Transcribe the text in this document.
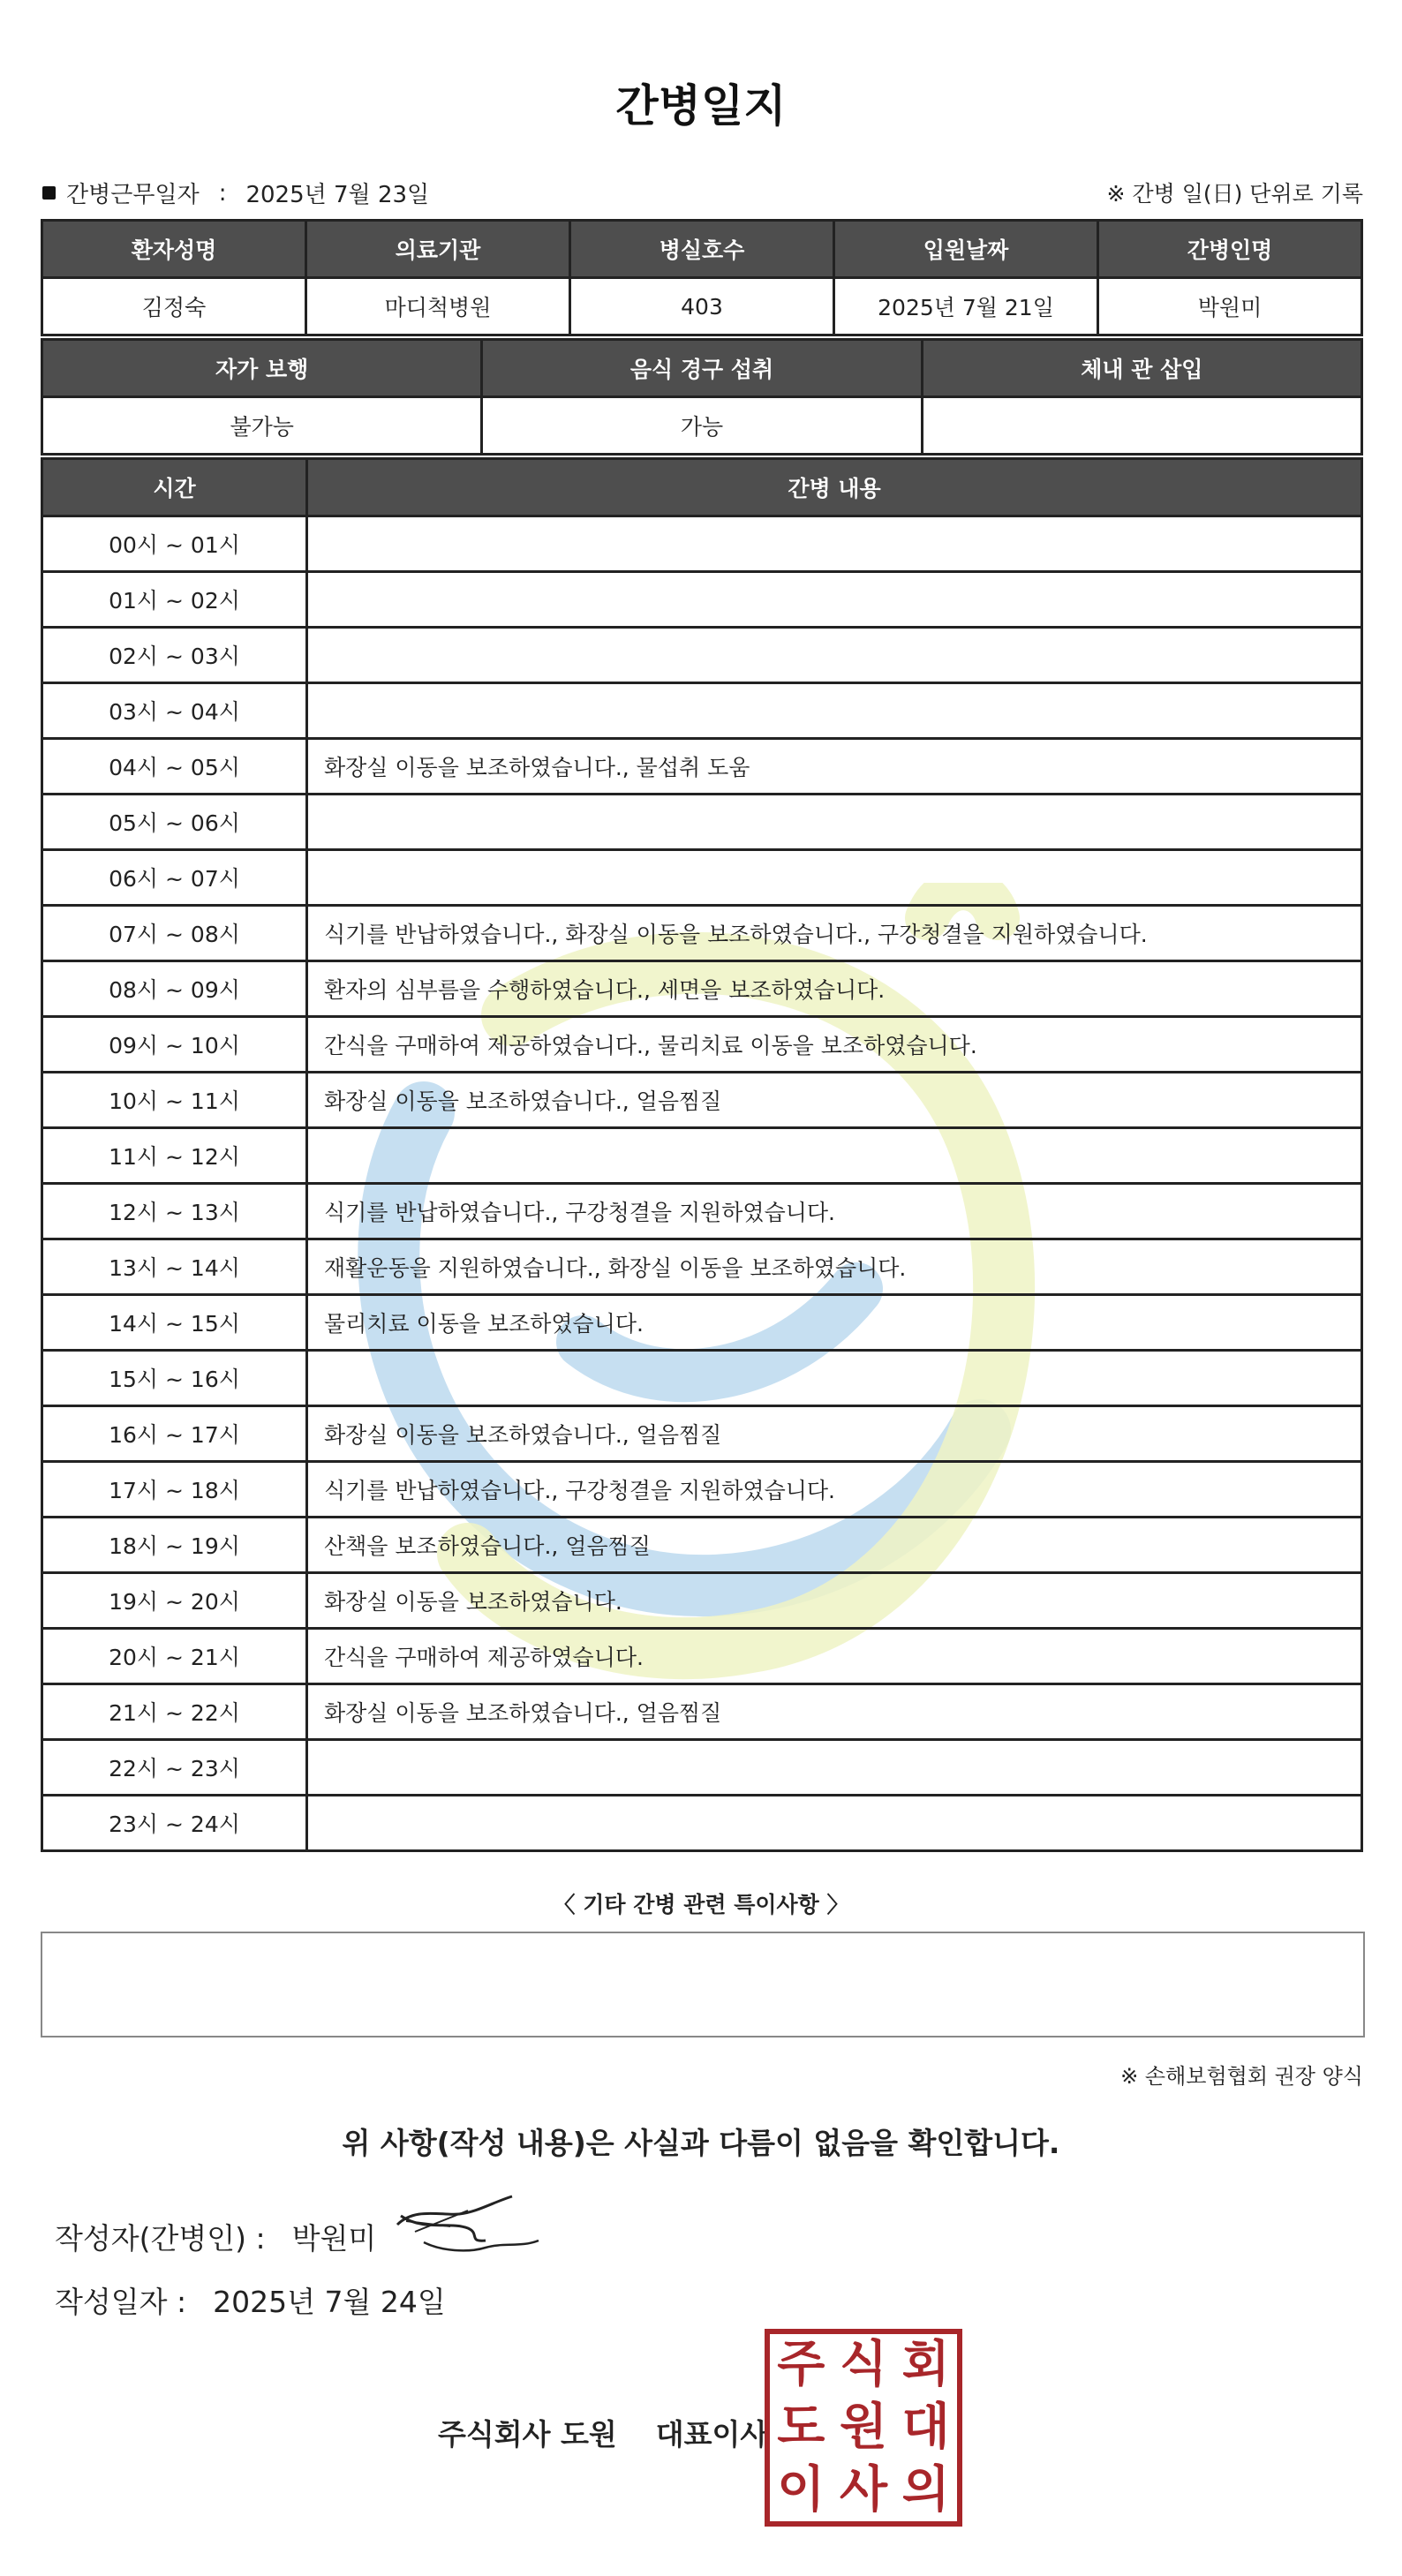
간병일지
간병근무일자 : 2025년 7월 23일	※ 간병 일(日) 단위로 기록
환자성명	의료기관	병실호수	입원날짜	간병인명
김정숙	마디척병원	403	2025년 7월 21일	박원미
자가 보행	음식 경구 섭취	체내 관 삽입
불가능	가능	
시간	간병 내용
00시 ~ 01시	
01시 ~ 02시	
02시 ~ 03시	
03시 ~ 04시	
04시 ~ 05시	화장실 이동을 보조하였습니다., 물섭취 도움
05시 ~ 06시	
06시 ~ 07시	
07시 ~ 08시	식기를 반납하였습니다., 화장실 이동을 보조하였습니다., 구강청결을 지원하였습니다.
08시 ~ 09시	환자의 심부름을 수행하였습니다., 세면을 보조하였습니다.
09시 ~ 10시	간식을 구매하여 제공하였습니다., 물리치료 이동을 보조하였습니다.
10시 ~ 11시	화장실 이동을 보조하였습니다., 얼음찜질
11시 ~ 12시	
12시 ~ 13시	식기를 반납하였습니다., 구강청결을 지원하였습니다.
13시 ~ 14시	재활운동을 지원하였습니다., 화장실 이동을 보조하였습니다.
14시 ~ 15시	물리치료 이동을 보조하였습니다.
15시 ~ 16시	
16시 ~ 17시	화장실 이동을 보조하였습니다., 얼음찜질
17시 ~ 18시	식기를 반납하였습니다., 구강청결을 지원하였습니다.
18시 ~ 19시	산책을 보조하였습니다., 얼음찜질
19시 ~ 20시	화장실 이동을 보조하였습니다.
20시 ~ 21시	간식을 구매하여 제공하였습니다.
21시 ~ 22시	화장실 이동을 보조하였습니다., 얼음찜질
22시 ~ 23시	
23시 ~ 24시	
〈 기타 간병 관련 특이사항 〉
※ 손해보험협회 권장 양식
위 사항(작성 내용)은 사실과 다름이 없음을 확인합니다.
작성자(간병인) : 박원미
작성일자 : 2025년 7월 24일
주식회사 도원 대표이사
주 식 회
도 원 대
이 사 의
